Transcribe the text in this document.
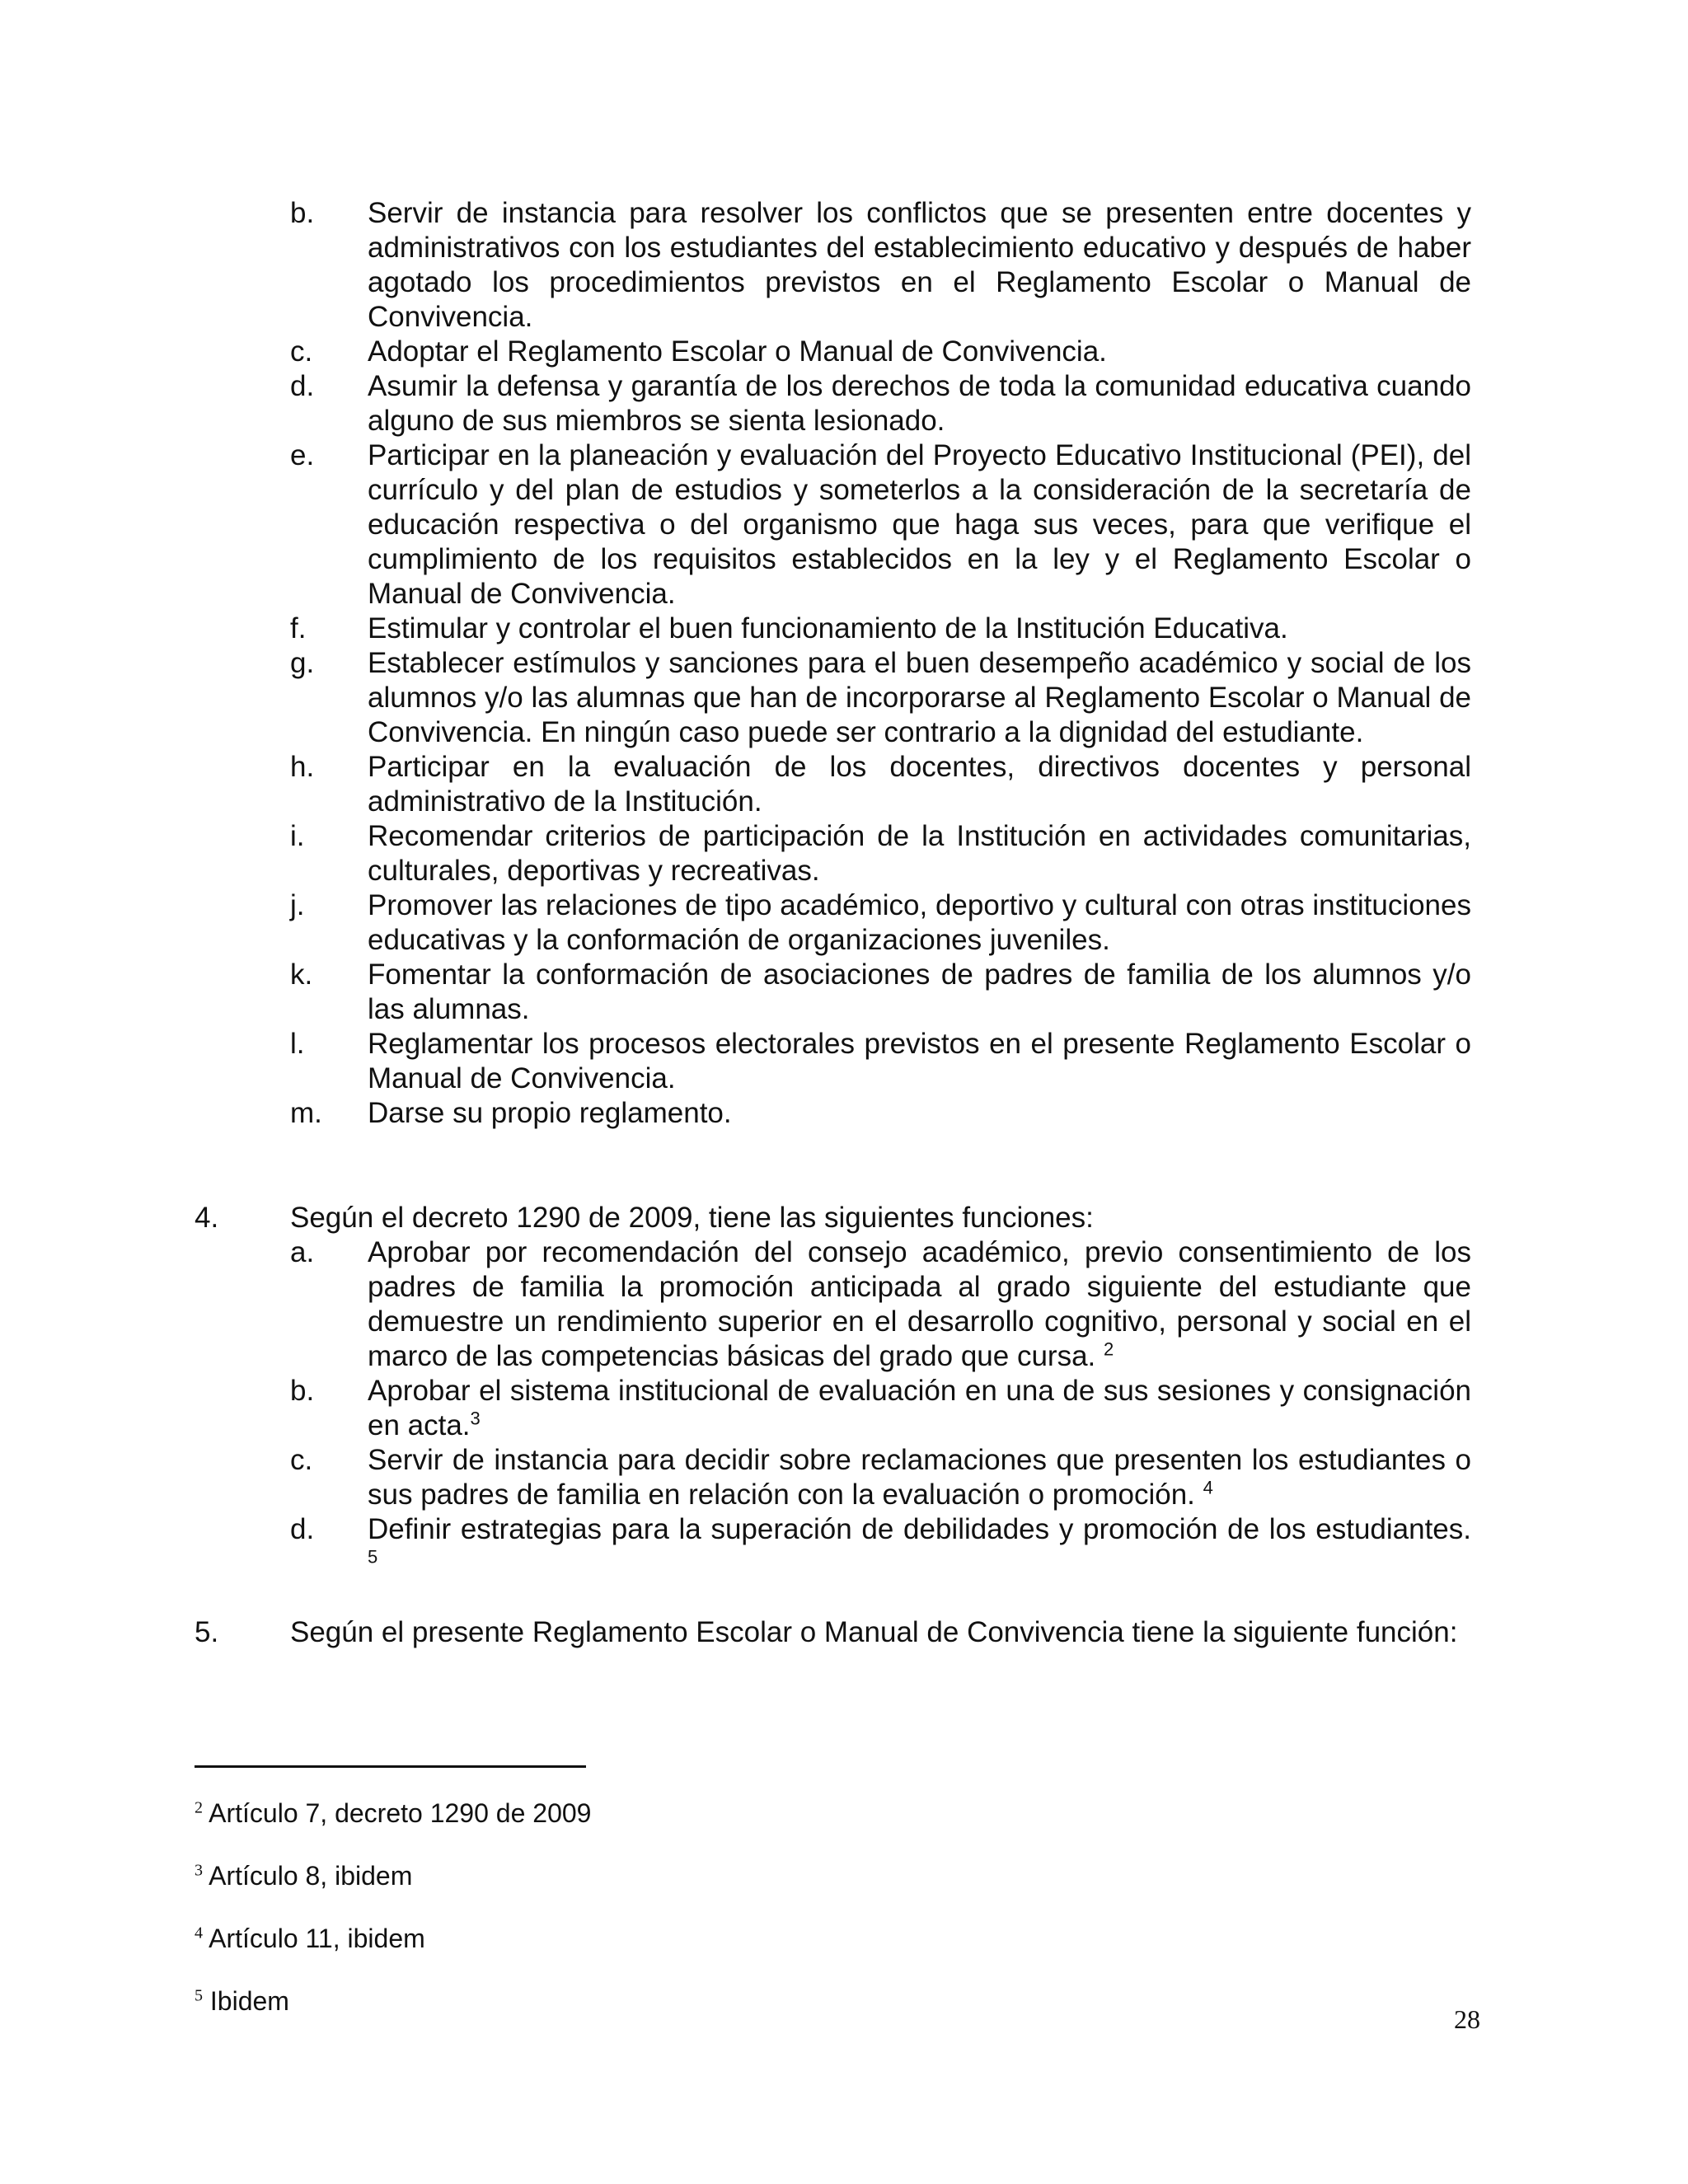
b.	Servir de instancia para resolver los conflictos que se presenten entre docentes y administrativos con los estudiantes del establecimiento educativo y después de haber agotado los procedimientos previstos en el Reglamento Escolar o Manual de Convivencia.
c.	Adoptar el Reglamento Escolar o Manual de Convivencia.
d.	Asumir la defensa y garantía de los derechos de toda la comunidad educativa cuando alguno de sus miembros se sienta lesionado.
e.	Participar en la planeación y evaluación del Proyecto Educativo Institucional (PEI), del currículo y del plan de estudios y someterlos a la consideración de la secretaría de educación respectiva o del organismo que haga sus veces, para que verifique el cumplimiento de los requisitos establecidos en la ley y el Reglamento Escolar o Manual de Convivencia.
f.	Estimular y controlar el buen funcionamiento de la Institución Educativa.
g.	Establecer estímulos y sanciones para el buen desempeño académico y social de los alumnos y/o las alumnas que han de incorporarse al Reglamento Escolar o Manual de Convivencia. En ningún caso puede ser contrario a la dignidad del estudiante.
h.	Participar en la evaluación de los docentes, directivos docentes y personal administrativo de la Institución.
i.	Recomendar criterios de participación de la Institución en actividades comunitarias, culturales, deportivas y recreativas.
j.	Promover las relaciones de tipo académico, deportivo y cultural con otras instituciones educativas y la conformación de organizaciones juveniles.
k.	Fomentar la conformación de asociaciones de padres de familia de los alumnos y/o las alumnas.
l.	Reglamentar los procesos electorales previstos en el presente Reglamento Escolar o Manual de Convivencia.
m.	Darse su propio reglamento.
4.	Según el decreto 1290 de 2009, tiene las siguientes funciones:
a.	Aprobar por recomendación del consejo académico, previo consentimiento de los padres de familia la promoción anticipada al grado siguiente del estudiante que demuestre un rendimiento superior en el desarrollo cognitivo, personal y social en el marco de las competencias básicas del grado que cursa. $^2$
b.	Aprobar el sistema institucional de evaluación en una de sus sesiones y consignación en acta.$^3$
c.	Servir de instancia para decidir sobre reclamaciones que presenten los estudiantes o sus padres de familia en relación con la evaluación o promoción. $^4$
d.	Definir estrategias para la superación de debilidades y promoción de los estudiantes. $^5$
5. Según el presente Reglamento Escolar o Manual de Convivencia tiene la siguiente función:
$^2$ Artículo 7, decreto 1290 de 2009
$^3$ Artículo 8, ibidem
$^4$ Artículo 11, ibidem
$^5$ Ibidem
28
